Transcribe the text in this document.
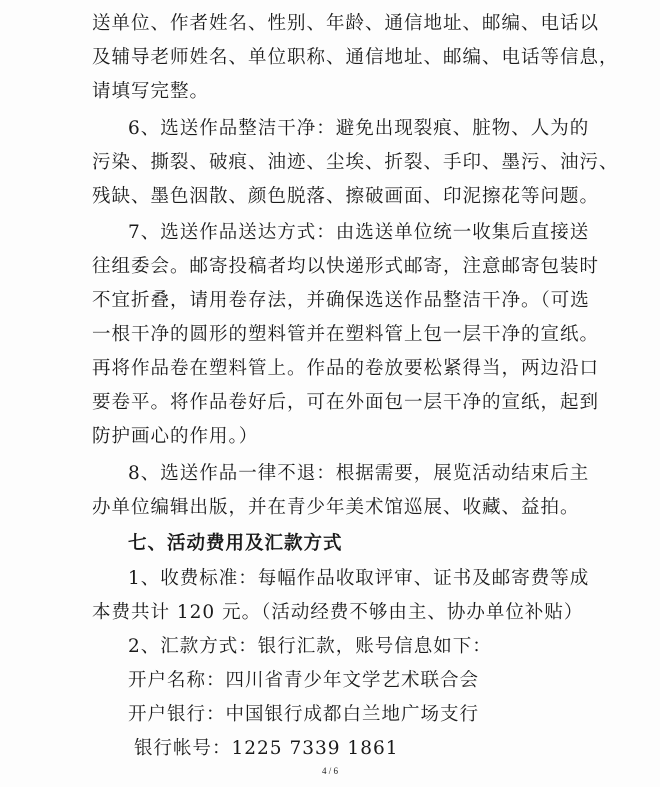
送单位、作者姓名、性别、年龄、通信地址、邮编、电话以
及辅导老师姓名、单位职称、通信地址、邮编、电话等信息，
请填写完整。
6、选送作品整洁干净：避免出现裂痕、脏物、人为的
污染、撕裂、破痕、油迹、尘埃、折裂、手印、墨污、油污、
残缺、墨色洇散、颜色脱落、擦破画面、印泥擦花等问题。
7、选送作品送达方式：由选送单位统一收集后直接送
往组委会。邮寄投稿者均以快递形式邮寄，注意邮寄包装时
不宜折叠，请用卷存法，并确保选送作品整洁干净。（可选
一根干净的圆形的塑料管并在塑料管上包一层干净的宣纸。
再将作品卷在塑料管上。作品的卷放要松紧得当，两边沿口
要卷平。将作品卷好后，可在外面包一层干净的宣纸，起到
防护画心的作用。）
8、选送作品一律不退：根据需要，展览活动结束后主
办单位编辑出版，并在青少年美术馆巡展、收藏、益拍。
七、活动费用及汇款方式
1、收费标准：每幅作品收取评审、证书及邮寄费等成
本费共计 120 元。（活动经费不够由主、协办单位补贴）
2、汇款方式：银行汇款，账号信息如下：
开户名称：四川省青少年文学艺术联合会
开户银行：中国银行成都白兰地广场支行
银行帐号：1225 7339 1861
4 / 6
